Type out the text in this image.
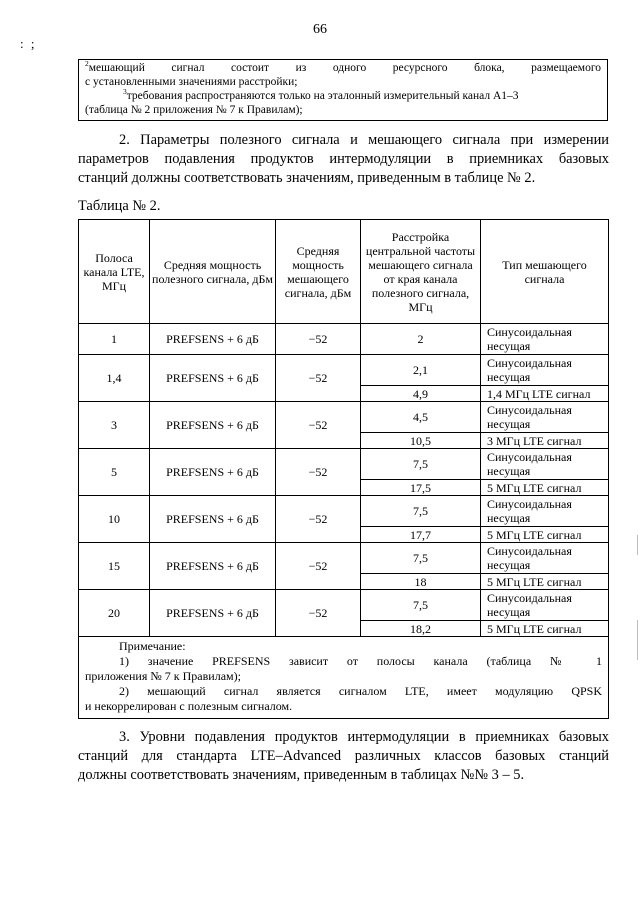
66
: ;
$^2$мешающий сигнал состоит из одного ресурсного блока, размещаемого
с установленными значениями расстройки;
$^3$требования распространяются только на эталонный измерительный канал A1–3
(таблица № 2 приложения № 7 к Правилам);
2. Параметры полезного сигнала и мешающего сигнала при измерении
параметров подавления продуктов интермодуляции в приемниках базовых
станций должны соответствовать значениям, приведенным в таблице № 2.
Таблица № 2.
Полоса канала LTE, МГц	Средняя мощность полезного сигнала, дБм	Средняя мощность мешающего сигнала, дБм	Расстройка центральной частоты мешающего сигнала от края канала полезного сигнала, МГц	Тип мешающего сигнала
1	PREFSENS + 6 дБ	−52	2	Синусоидальная несущая
1,4	PREFSENS + 6 дБ	−52	2,1	Синусоидальная несущая
			4,9	1,4 МГц LTE сигнал
3	PREFSENS + 6 дБ	−52	4,5	Синусоидальная несущая
			10,5	3 МГц LTE сигнал
5	PREFSENS + 6 дБ	−52	7,5	Синусоидальная несущая
			17,5	5 МГц LTE сигнал
10	PREFSENS + 6 дБ	−52	7,5	Синусоидальная несущая
			17,7	5 МГц LTE сигнал
15	PREFSENS + 6 дБ	−52	7,5	Синусоидальная несущая
			18	5 МГц LTE сигнал
20	PREFSENS + 6 дБ	−52	7,5	Синусоидальная несущая
			18,2	5 МГц LTE сигнал

Примечание:
1) значение PREFSENS зависит от полосы канала (таблица № 1
приложения № 7 к Правилам);
2) мешающий сигнал является сигналом LTE, имеет модуляцию QPSK
и некоррелирован с полезным сигналом.				
3. Уровни подавления продуктов интермодуляции в приемниках базовых
станций для стандарта LTE–Advanced различных классов базовых станций
должны соответствовать значениям, приведенным в таблицах №№ 3 – 5.
